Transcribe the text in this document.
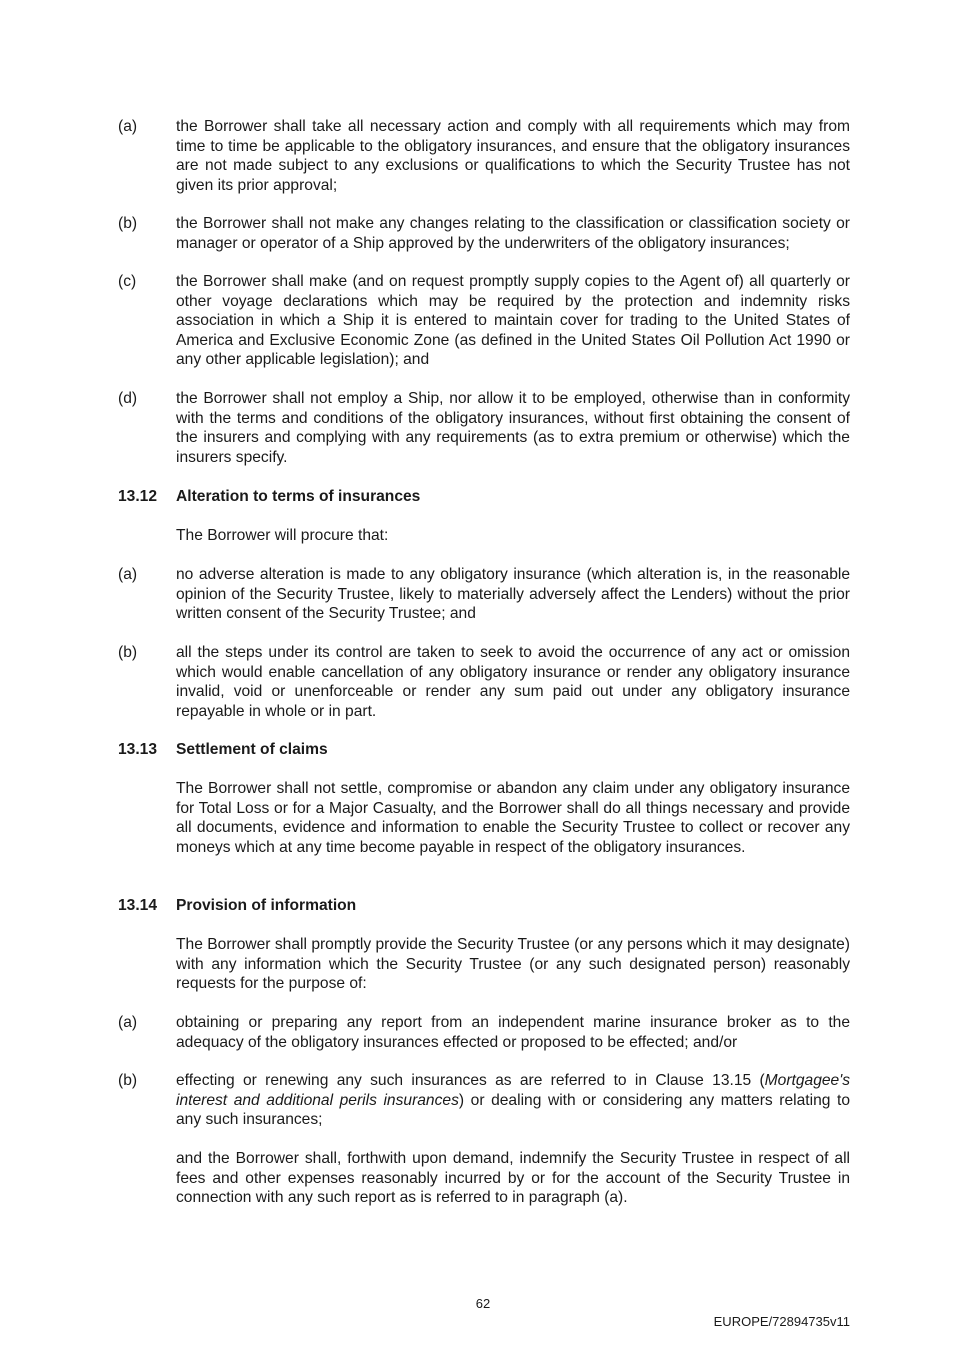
(a)	the Borrower shall take all necessary action and comply with all requirements which may from time to time be applicable to the obligatory insurances, and ensure that the obligatory insurances are not made subject to any exclusions or qualifications to which the Security Trustee has not given its prior approval;
(b)	the Borrower shall not make any changes relating to the classification or classification society or manager or operator of a Ship approved by the underwriters of the obligatory insurances;
(c)	the Borrower shall make (and on request promptly supply copies to the Agent of) all quarterly or other voyage declarations which may be required by the protection and indemnity risks association in which a Ship it is entered to maintain cover for trading to the United States of America and Exclusive Economic Zone (as defined in the United States Oil Pollution Act 1990 or any other applicable legislation); and
(d)	the Borrower shall not employ a Ship, nor allow it to be employed, otherwise than in conformity with the terms and conditions of the obligatory insurances, without first obtaining the consent of the insurers and complying with any requirements (as to extra premium or otherwise) which the insurers specify.
13.12	Alteration to terms of insurances
The Borrower will procure that:
(a)	no adverse alteration is made to any obligatory insurance (which alteration is, in the reasonable opinion of the Security Trustee, likely to materially adversely affect the Lenders) without the prior written consent of the Security Trustee; and
(b)	all the steps under its control are taken to seek to avoid the occurrence of any act or omission which would enable cancellation of any obligatory insurance or render any obligatory insurance invalid, void or unenforceable or render any sum paid out under any obligatory insurance repayable in whole or in part.
13.13	Settlement of claims
The Borrower shall not settle, compromise or abandon any claim under any obligatory insurance for Total Loss or for a Major Casualty, and the Borrower shall do all things necessary and provide all documents, evidence and information to enable the Security Trustee to collect or recover any moneys which at any time become payable in respect of the obligatory insurances.
13.14	Provision of information
The Borrower shall promptly provide the Security Trustee (or any persons which it may designate) with any information which the Security Trustee (or any such designated person) reasonably requests for the purpose of:
(a)	obtaining or preparing any report from an independent marine insurance broker as to the adequacy of the obligatory insurances effected or proposed to be effected; and/or
(b)	effecting or renewing any such insurances as are referred to in Clause 13.15 (Mortgagee's interest and additional perils insurances) or dealing with or considering any matters relating to any such insurances;
and the Borrower shall, forthwith upon demand, indemnify the Security Trustee in respect of all fees and other expenses reasonably incurred by or for the account of the Security Trustee in connection with any such report as is referred to in paragraph (a).
62
EUROPE/72894735v11
